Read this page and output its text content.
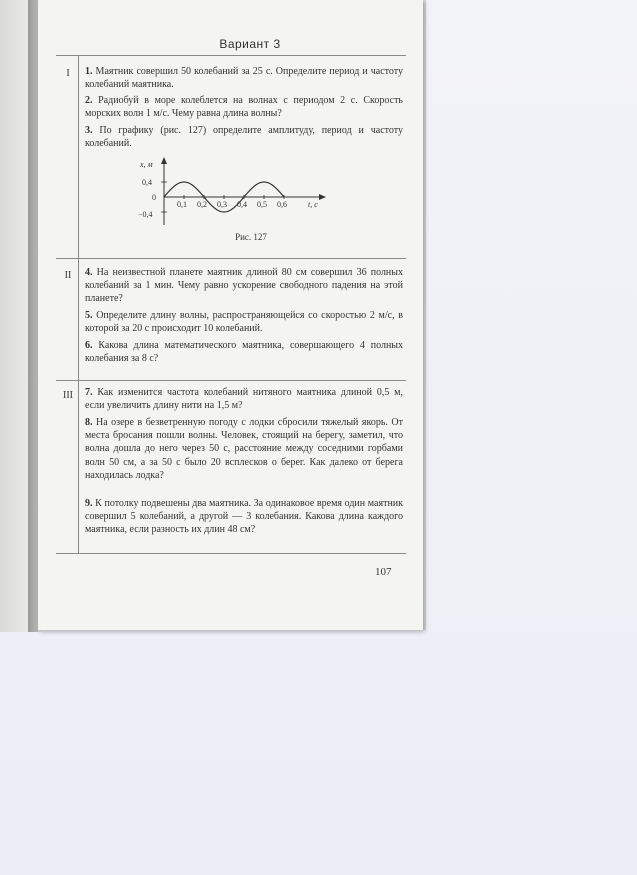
Вариант 3
I
II
III
1. Маятник совершил 50 колебаний за 25 с. Определите период и частоту колебаний маятника.
2. Радиобуй в море колеблется на волнах с периодом 2 с. Скорость морских волн 1 м/с. Чему равна длина волны?
3. По графику (рис. 127) определите амплитуду, период и частоту колебаний.
x, м
t, с
0,4
0
−0,4
0,1 0,2 0,3 0,4 0,5 0,6
Рис. 127
4. На неизвестной планете маятник длиной 80 см совершил 36 полных колебаний за 1 мин. Чему равно ускорение свободного падения на этой планете?
5. Определите длину волны, распространяющейся со скоростью 2 м/с, в которой за 20 с происходит 10 колебаний.
6. Какова длина математического маятника, совершающего 4 полных колебания за 8 с?
7. Как изменится частота колебаний нитяного маятника длиной 0,5 м, если увеличить длину нити на 1,5 м?
8. На озере в безветренную погоду с лодки сбросили тяжелый якорь. От места бросания пошли волны. Человек, стоящий на берегу, заметил, что волна дошла до него через 50 с, расстояние между соседними горбами волн 50 см, а за 50 с было 20 всплесков о берег. Как далеко от берега находилась лодка?
9. К потолку подвешены два маятника. За одинаковое время один маятник совершил 5 колебаний, а другой — 3 колебания. Какова длина каждого маятника, если разность их длин 48 см?
107
